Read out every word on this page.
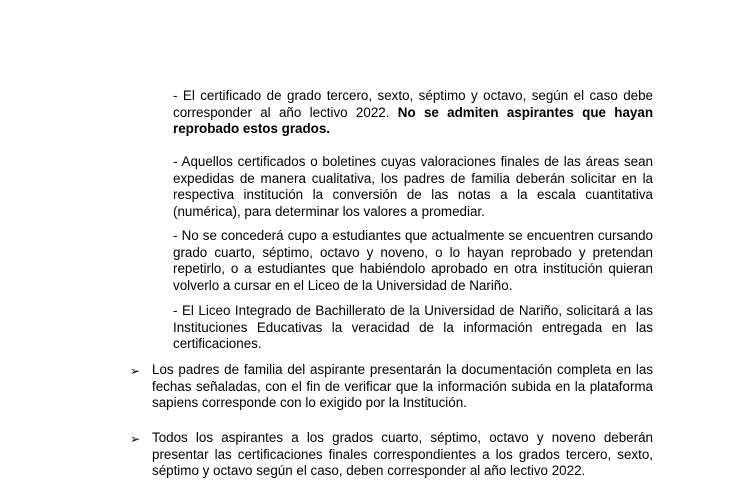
- El certificado de grado tercero, sexto, séptimo y octavo, según el caso debe corresponder al año lectivo 2022. No se admiten aspirantes que hayan reprobado estos grados.

- Aquellos certificados o boletines cuyas valoraciones finales de las áreas sean expedidas de manera cualitativa, los padres de familia deberán solicitar en la respectiva institución la conversión de las notas a la escala cuantitativa (numérica), para determinar los valores a promediar.

- No se concederá cupo a estudiantes que actualmente se encuentren cursando grado cuarto, séptimo, octavo y noveno, o lo hayan reprobado y pretendan repetirlo, o a estudiantes que habiéndolo aprobado en otra institución quieran volverlo a cursar en el Liceo de la Universidad de Nariño.

- El Liceo Integrado de Bachillerato de la Universidad de Nariño, solicitará a las Instituciones Educativas la veracidad de la información entregada en las certificaciones.

➢ Los padres de familia del aspirante presentarán la documentación completa en las fechas señaladas, con el fin de verificar que la información subida en la plataforma sapiens corresponde con lo exigido por la Institución.

➢ Todos los aspirantes a los grados cuarto, séptimo, octavo y noveno deberán presentar las certificaciones finales correspondientes a los grados tercero, sexto, séptimo y octavo según el caso, deben corresponder al año lectivo 2022.
